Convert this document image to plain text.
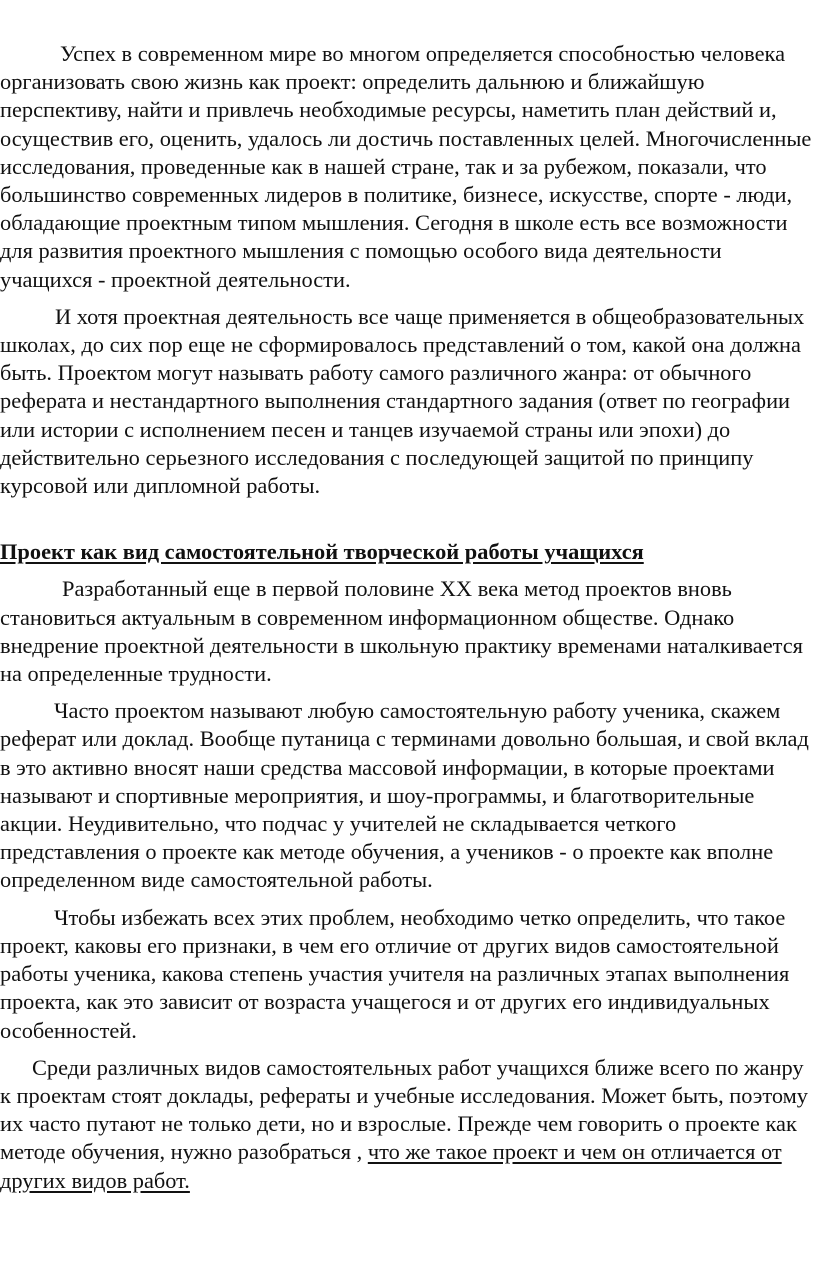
Успех в современном мире во многом определяется способностью человека организовать свою жизнь как проект: определить дальнюю и ближайшую перспективу, найти и привлечь необходимые ресурсы, наметить план действий и, осуществив его, оценить, удалось ли достичь поставленных целей. Многочисленные исследования, проведенные как в нашей стране, так и за рубежом, показали, что большинство современных лидеров в политике, бизнесе, искусстве, спорте - люди, обладающие проектным типом мышления. Сегодня в школе есть все возможности для развития проектного мышления с помощью особого вида деятельности учащихся - проектной деятельности.

И хотя проектная деятельность все чаще применяется в общеобразовательных школах, до сих пор еще не сформировалось представлений о том, какой она должна быть. Проектом могут называть работу самого различного жанра: от обычного реферата и нестандартного выполнения стандартного задания (ответ по географии или истории с исполнением песен и танцев изучаемой страны или эпохи) до действительно серьезного исследования с последующей защитой по принципу курсовой или дипломной работы.

Проект как вид самостоятельной творческой работы учащихся

Разработанный еще в первой половине XX века метод проектов вновь становиться актуальным в современном информационном обществе. Однако внедрение проектной деятельности в школьную практику временами наталкивается на определенные трудности.

Часто проектом называют любую самостоятельную работу ученика, скажем реферат или доклад. Вообще путаница с терминами довольно большая, и свой вклад в это активно вносят наши средства массовой информации, в которые проектами называют и спортивные мероприятия, и шоу-программы, и благотворительные акции. Неудивительно, что подчас у учителей не складывается четкого представления о проекте как методе обучения, а учеников - о проекте как вполне определенном виде самостоятельной работы.

Чтобы избежать всех этих проблем, необходимо четко определить, что такое проект, каковы его признаки, в чем его отличие от других видов самостоятельной работы ученика, какова степень участия учителя на различных этапах выполнения проекта, как это зависит от возраста учащегося и от других его индивидуальных особенностей.

Среди различных видов самостоятельных работ учащихся ближе всего по жанру к проектам стоят доклады, рефераты и учебные исследования. Может быть, поэтому их часто путают не только дети, но и взрослые. Прежде чем говорить о проекте как методе обучения, нужно разобраться , что же такое проект и чем он отличается от других видов работ.
